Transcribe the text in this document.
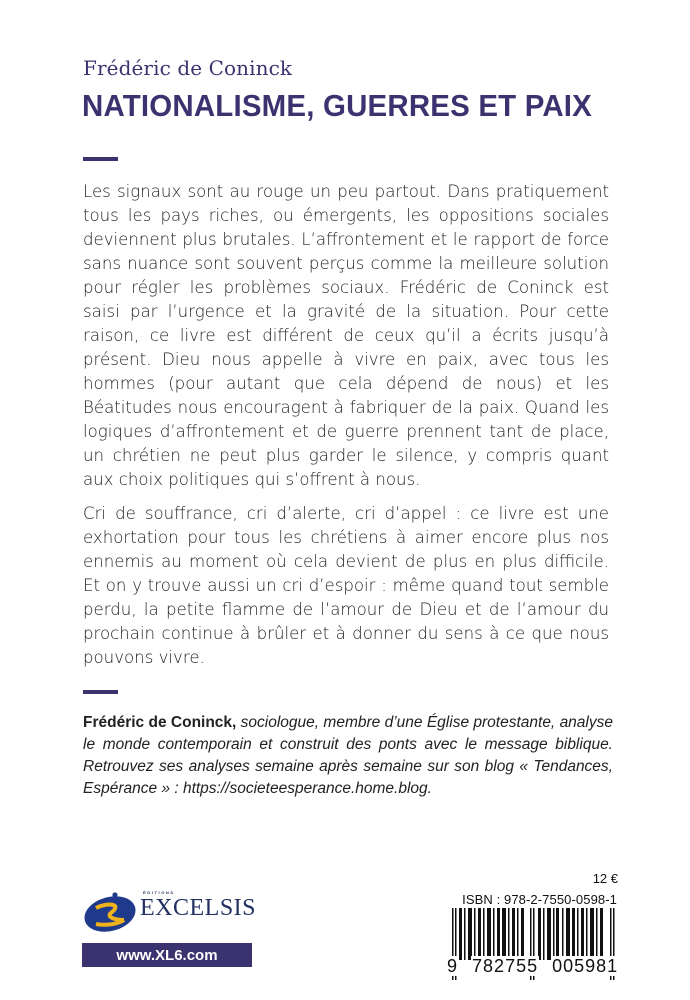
Frédéric de Coninck
NATIONALISME, GUERRES ET PAIX

Les signaux sont au rouge un peu partout. Dans pratiquement tous les pays riches, ou émergents, les oppositions sociales deviennent plus brutales. L’affrontement et le rapport de force sans nuance sont souvent perçus comme la meilleure solution pour régler les problèmes sociaux. Frédéric de Coninck est saisi par l’urgence et la gravité de la situation. Pour cette raison, ce livre est différent de ceux qu’il a écrits jusqu’à présent. Dieu nous appelle à vivre en paix, avec tous les hommes (pour autant que cela dépend de nous) et les Béatitudes nous encouragent à fabriquer de la paix. Quand les logiques d’affrontement et de guerre prennent tant de place, un chrétien ne peut plus garder le silence, y compris quant aux choix politiques qui s’offrent à nous.

Cri de souffrance, cri d’alerte, cri d’appel : ce livre est une exhortation pour tous les chrétiens à aimer encore plus nos ennemis au moment où cela devient de plus en plus difficile. Et on y trouve aussi un cri d’espoir : même quand tout semble perdu, la petite flamme de l’amour de Dieu et de l’amour du prochain continue à brûler et à donner du sens à ce que nous pouvons vivre.

Frédéric de Coninck, sociologue, membre d’une Église protestante, analyse le monde contemporain et construit des ponts avec le message biblique. Retrouvez ses analyses semaine après semaine sur son blog « Tendances, Espérance » : https://societeesperance.home.blog.
ÉDITIONS
EXCELSIS
www.XL6.com
12 €
ISBN : 978-2-7550-0598-1
9 782755 005981
